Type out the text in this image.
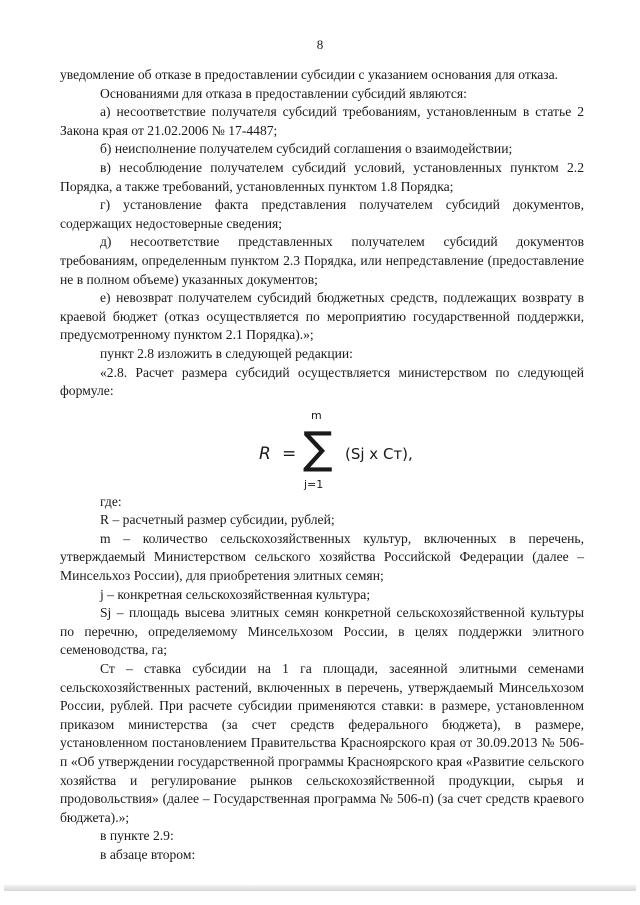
8

уведомление об отказе в предоставлении субсидии с указанием основания для отказа.

Основаниями для отказа в предоставлении субсидий являются:

а) несоответствие получателя субсидий требованиям, установленным в статье 2 Закона края от 21.02.2006 № 17-4487;

б) неисполнение получателем субсидий соглашения о взаимодействии;

в) несоблюдение получателем субсидий условий, установленных пунктом 2.2 Порядка, а также требований, установленных пунктом 1.8 Порядка;

г) установление факта представления получателем субсидий документов, содержащих недостоверные сведения;

д) несоответствие представленных получателем субсидий документов требованиям, определенным пунктом 2.3 Порядка, или непредставление (предоставление не в полном объеме) указанных документов;

е) невозврат получателем субсидий бюджетных средств, подлежащих возврату в краевой бюджет (отказ осуществляется по мероприятию государственной поддержки, предусмотренному пунктом 2.1 Порядка).»;

пункт 2.8 изложить в следующей редакции:

«2.8. Расчет размера субсидий осуществляется министерством по следующей формуле:

R =
m
∑
j=1
(Sj x Ст),

где:

R – расчетный размер субсидии, рублей;

m – количество сельскохозяйственных культур, включенных в перечень, утверждаемый Министерством сельского хозяйства Российской Федерации (далее – Минсельхоз России), для приобретения элитных семян;

j – конкретная сельскохозяйственная культура;

Sj – площадь высева элитных семян конкретной сельскохозяйственной культуры по перечню, определяемому Минсельхозом России, в целях поддержки элитного семеноводства, га;

Ст – ставка субсидии на 1 га площади, засеянной элитными семенами сельскохозяйственных растений, включенных в перечень, утверждаемый Минсельхозом России, рублей. При расчете субсидии применяются ставки: в размере, установленном приказом министерства (за счет средств федерального бюджета), в размере, установленном постановлением Правительства Красноярского края от 30.09.2013 № 506-п «Об утверждении государственной программы Красноярского края «Развитие сельского хозяйства и регулирование рынков сельскохозяйственной продукции, сырья и продовольствия» (далее – Государственная программа № 506-п) (за счет средств краевого бюджета).»;

в пункте 2.9:

в абзаце втором:
